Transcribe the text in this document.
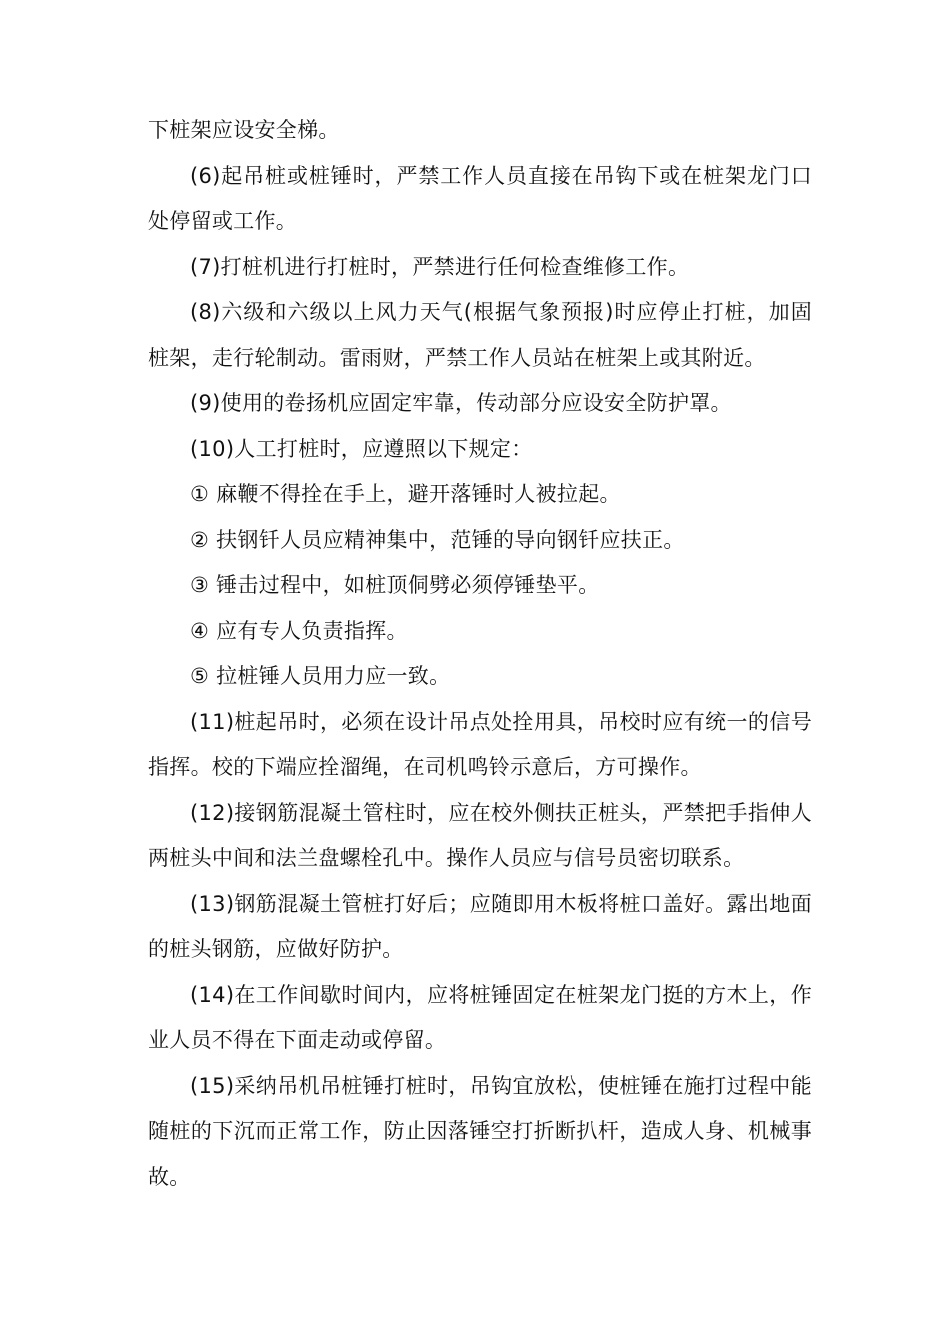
下桩架应设安全梯。

(6)起吊桩或桩锤时，严禁工作人员直接在吊钩下或在桩架龙门口处停留或工作。

(7)打桩机进行打桩时，严禁进行任何检查维修工作。

(8)六级和六级以上风力天气(根据气象预报)时应停止打桩，加固桩架，走行轮制动。雷雨财，严禁工作人员站在桩架上或其附近。

(9)使用的卷扬机应固定牢靠，传动部分应设安全防护罩。

(10)人工打桩时，应遵照以下规定：

① 麻鞭不得拴在手上，避开落锤时人被拉起。

② 扶钢钎人员应精神集中，范锤的导向钢钎应扶正。

③ 锤击过程中，如桩顶侗劈必须停锤垫平。

④ 应有专人负责指挥。

⑤ 拉桩锤人员用力应一致。

(11)桩起吊时，必须在设计吊点处拴用具，吊校时应有统一的信号指挥。校的下端应拴溜绳，在司机鸣铃示意后，方可操作。

(12)接钢筋混凝土管柱时，应在校外侧扶正桩头，严禁把手指伸人两桩头中间和法兰盘螺栓孔中。操作人员应与信号员密切联系。

(13)钢筋混凝土管桩打好后；应随即用木板将桩口盖好。露出地面的桩头钢筋，应做好防护。

(14)在工作间歇时间内，应将桩锤固定在桩架龙门挺的方木上，作业人员不得在下面走动或停留。

(15)采纳吊机吊桩锤打桩时，吊钩宜放松，使桩锤在施打过程中能随桩的下沉而正常工作，防止因落锤空打折断扒杆，造成人身、机械事故。
